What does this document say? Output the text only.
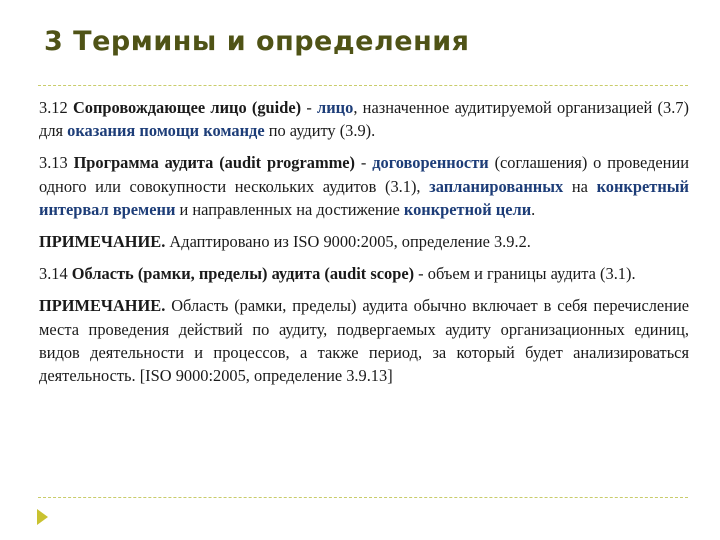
3 Термины и определения

3.12 Сопровождающее лицо (guide) - лицо, назначенное аудитируемой организацией (3.7) для оказания помощи команде по аудиту (3.9).

3.13 Программа аудита (audit programme) - договоренности (соглашения) о проведении одного или совокупности нескольких аудитов (3.1), запланированных на конкретный интервал времени и направленных на достижение конкретной цели.

ПРИМЕЧАНИЕ. Адаптировано из ISO 9000:2005, определение 3.9.2.

3.14 Область (рамки, пределы) аудита (audit scope) - объем и границы аудита (3.1).

ПРИМЕЧАНИЕ. Область (рамки, пределы) аудита обычно включает в себя перечисление места проведения действий по аудиту, подвергаемых аудиту организационных единиц, видов деятельности и процессов, а также период, за который будет анализироваться деятельность. [ISO 9000:2005, определение 3.9.13]
